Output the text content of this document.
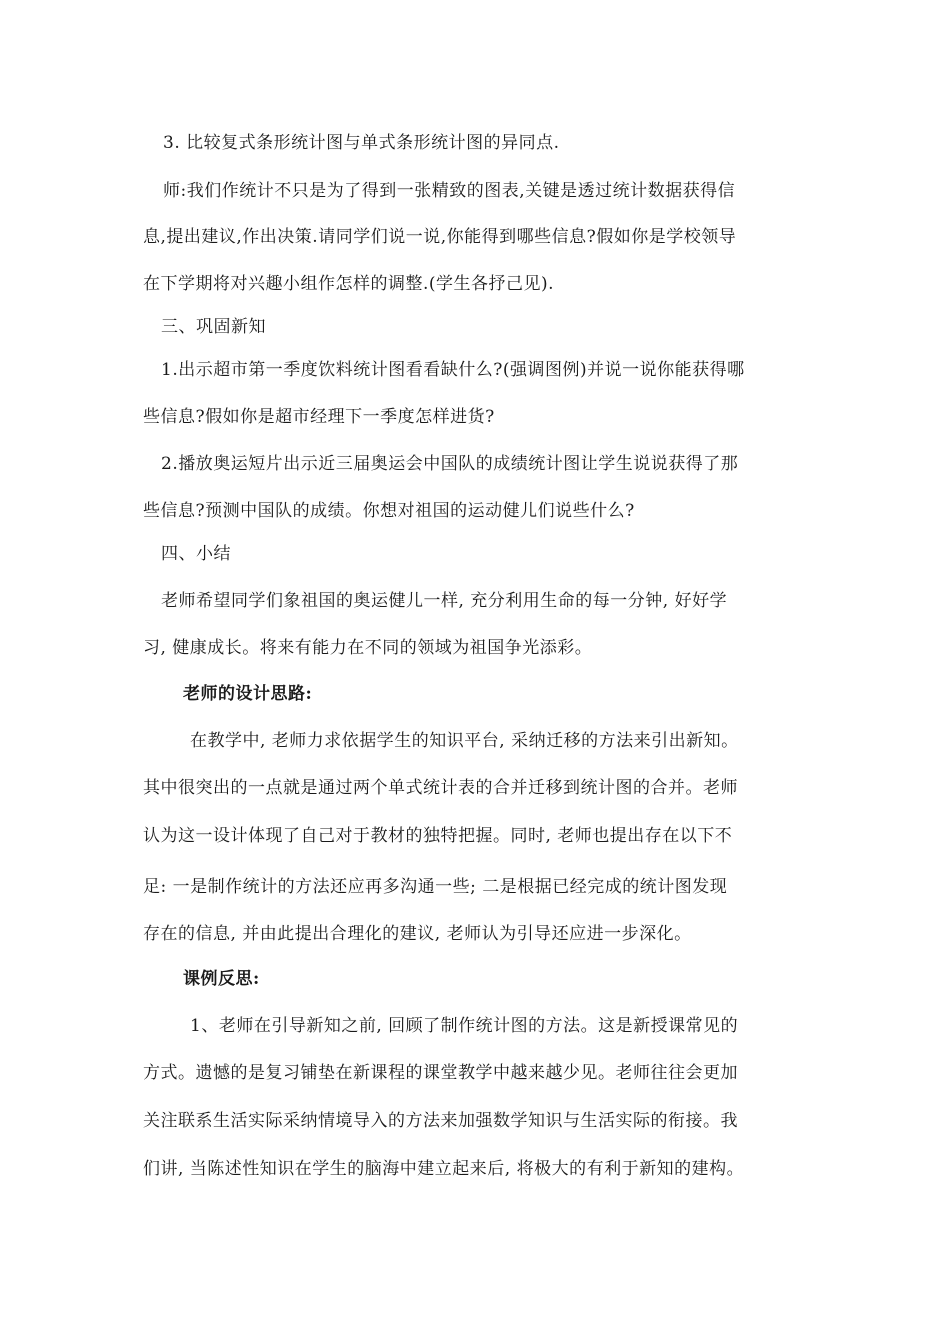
3. 比较复式条形统计图与单式条形统计图的异同点.
师:我们作统计不只是为了得到一张精致的图表,关键是透过统计数据获得信
息,提出建议,作出决策.请同学们说一说,你能得到哪些信息?假如你是学校领导
在下学期将对兴趣小组作怎样的调整.(学生各抒己见).
三、巩固新知
1.出示超市第一季度饮料统计图看看缺什么?(强调图例)并说一说你能获得哪
些信息?假如你是超市经理下一季度怎样进货?
2.播放奥运短片出示近三届奥运会中国队的成绩统计图让学生说说获得了那
些信息?预测中国队的成绩。你想对祖国的运动健儿们说些什么?
四、小结
老师希望同学们象祖国的奥运健儿一样, 充分利用生命的每一分钟, 好好学
习, 健康成长。将来有能力在不同的领域为祖国争光添彩。
老师的设计思路:
在教学中, 老师力求依据学生的知识平台, 采纳迁移的方法来引出新知。
其中很突出的一点就是通过两个单式统计表的合并迁移到统计图的合并。老师
认为这一设计体现了自己对于教材的独特把握。同时, 老师也提出存在以下不
足: 一是制作统计的方法还应再多沟通一些; 二是根据已经完成的统计图发现
存在的信息, 并由此提出合理化的建议, 老师认为引导还应进一步深化。
课例反思:
1、老师在引导新知之前, 回顾了制作统计图的方法。这是新授课常见的
方式。遗憾的是复习铺垫在新课程的课堂教学中越来越少见。老师往往会更加
关注联系生活实际采纳情境导入的方法来加强数学知识与生活实际的衔接。我
们讲, 当陈述性知识在学生的脑海中建立起来后, 将极大的有利于新知的建构。
